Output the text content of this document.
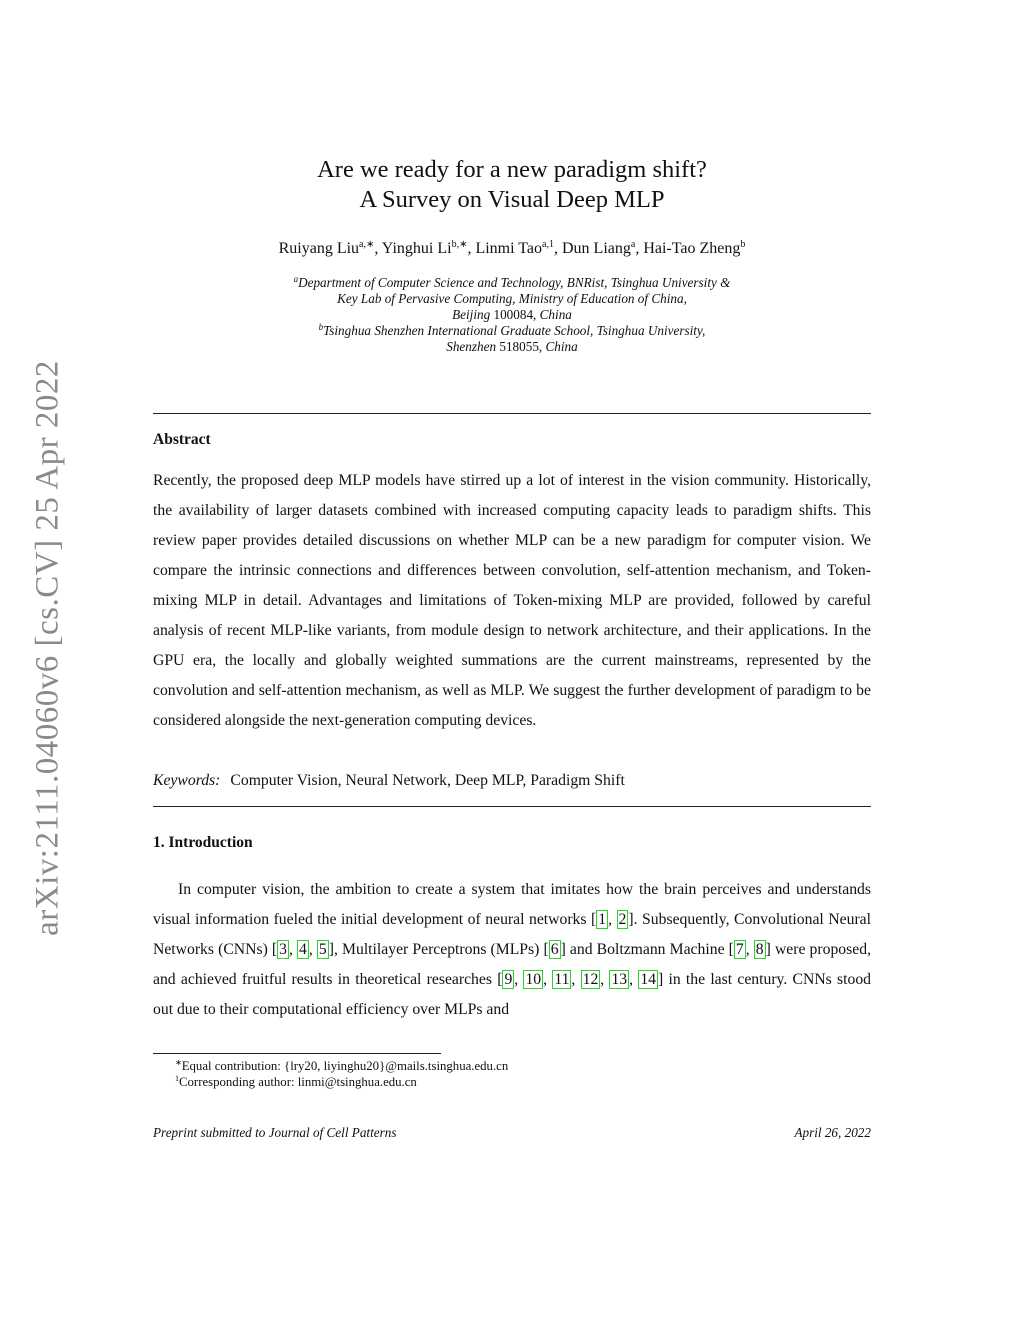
arXiv:2111.04060v6 [cs.CV] 25 Apr 2022
Are we ready for a new paradigm shift?
A Survey on Visual Deep MLP
Ruiyang Liu$^{a,∗}$, Yinghui $Li^{b,∗}$, Linmi Tao$^{a,1}$, Dun Liang$^a$, Hai-Tao Zheng$^b$
$^a$Department of Computer Science and Technology, BNRist, Tsinghua University &
Key Lab of Pervasive Computing, Ministry of Education of China,
Beijing 100084, China
$^b$Tsinghua Shenzhen International Graduate School, Tsinghua University,
Shenzhen 518055, China
Abstract

Recently, the proposed deep MLP models have stirred up a lot of interest in the vision community. Historically, the availability of larger datasets combined with increased computing capacity leads to paradigm shifts. This review paper provides detailed discussions on whether MLP can be a new paradigm for computer vision. We compare the intrinsic connections and differences between convolution, self-attention mechanism, and Token-mixing MLP in detail. Advantages and limitations of Token-mixing MLP are provided, followed by careful analysis of recent MLP-like variants, from module design to network architecture, and their applications. In the GPU era, the locally and globally weighted summations are the current mainstreams, represented by the convolution and self-attention mechanism, as well as MLP. We suggest the further development of paradigm to be considered alongside the next-generation computing devices.

Keywords: Computer Vision, Neural Network, Deep MLP, Paradigm Shift
1. Introduction

In computer vision, the ambition to create a system that imitates how the brain perceives and understands visual information fueled the initial development of neural networks [ 1 , 2 ]. Subsequently, Convolutional Neural Networks (CNNs) [ 3 , 4 , 5 ], Multilayer Perceptrons (MLPs) [ 6 ] and Boltzmann Machine [ 7 , 8 ] were proposed, and achieved fruitful results in theoretical researches [ 9 , 10 , 11 , 12 , 13 , 14 ] in the last century. CNNs stood out due to their computational efficiency over MLPs and

∗Equal contribution: {lry20, liyinghu20}@mails.tsinghua.edu.cn
$^1$Corresponding author: linmi@tsinghua.edu.cn
Preprint submitted to Journal of Cell Patterns	April 26, 2022
